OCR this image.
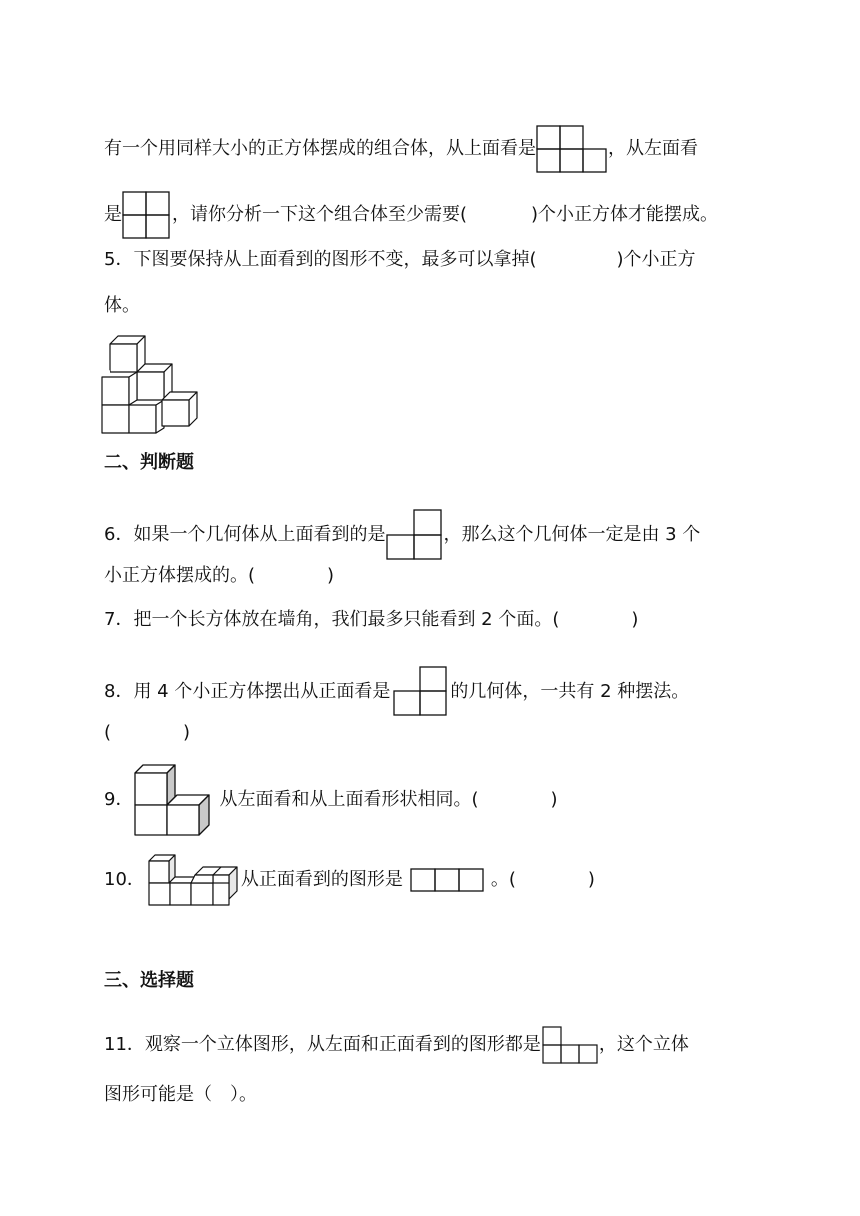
有一个用同样大小的正方体摆成的组合体，从上面看是	，从左面看
是	，请你分析一下这个组合体至少需要(	)个小正方体才能摆成。
5．下图要保持从上面看到的图形不变，最多可以拿掉(	)个小正方
体。
二、判断题
6．如果一个几何体从上面看到的是	，那么这个几何体一定是由 3 个
小正方体摆成的。(　　　　)
7．把一个长方体放在墙角，我们最多只能看到 2 个面。(　　　　)
8．用 4 个小正方体摆出从正面看是	的几何体，一共有 2 种摆法。
(　　　　)
9．	从左面看和从上面看形状相同。(　　　　)
10．	从正面看到的图形是	。(　　　　)
三、选择题
11．观察一个立体图形，从左面和正面看到的图形都是	，这个立体
图形可能是（　）。
